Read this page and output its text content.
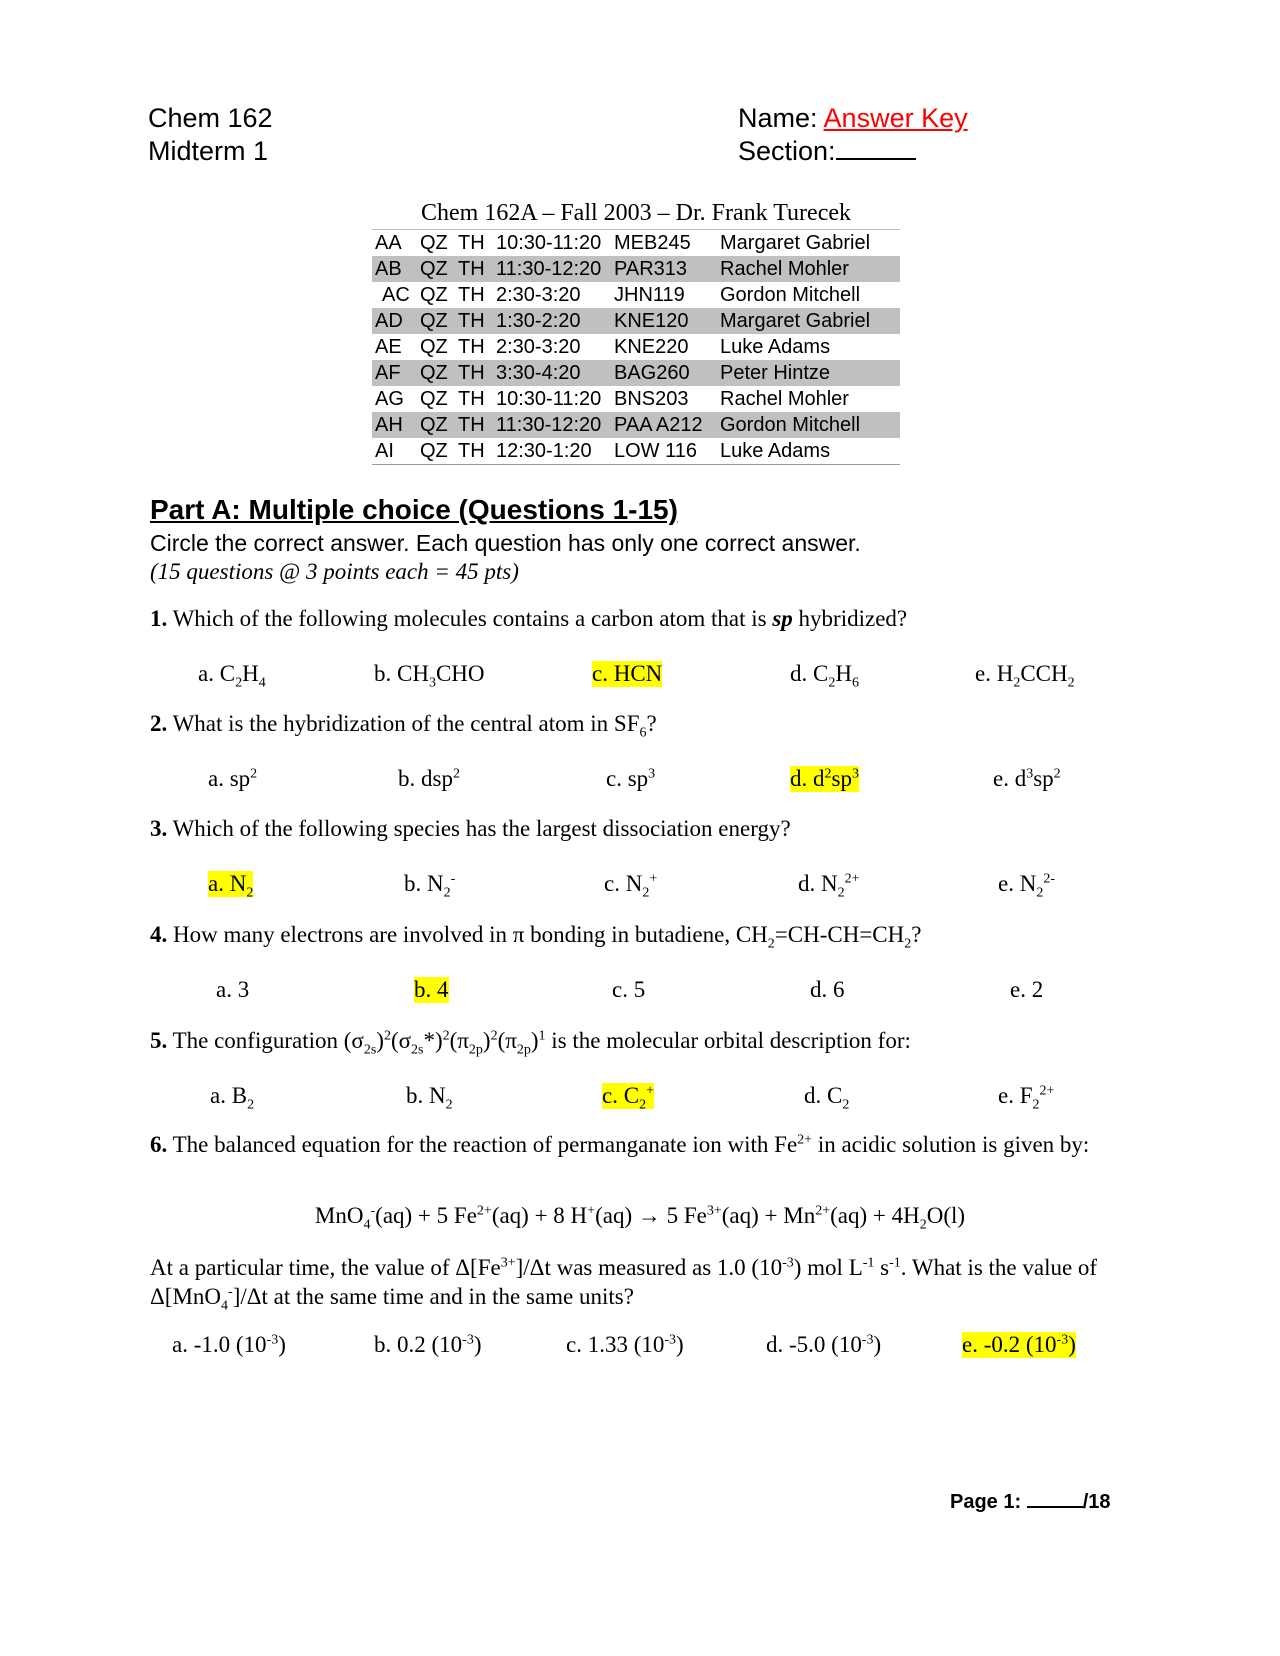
Chem 162
Midterm 1
Name: Answer Key
Section:
Chem 162A – Fall 2003 – Dr. Frank Turecek
AA QZ TH 10:30-11:20 MEB245 Margaret Gabriel
AB QZ TH 11:30-12:20 PAR313 Rachel Mohler
AC QZ TH 2:30-3:20 JHN119 Gordon Mitchell
AD QZ TH 1:30-2:20 KNE120 Margaret Gabriel
AE QZ TH 2:30-3:20 KNE220 Luke Adams
AF QZ TH 3:30-4:20 BAG260 Peter Hintze
AG QZ TH 10:30-11:20 BNS203 Rachel Mohler
AH QZ TH 11:30-12:20 PAA A212 Gordon Mitchell
AI QZ TH 12:30-1:20 LOW 116 Luke Adams
Part A: Multiple choice (Questions 1-15)
Circle the correct answer. Each question has only one correct answer.
(15 questions @ 3 points each = 45 pts)
1. Which of the following molecules contains a carbon atom that is sp hybridized?
a. $C_2H_4$	b. $CH_3CHO$	c. HCN	d. $C_2H_6$	e. $H_2CCH_2$
2. What is the hybridization of the central atom in $SF_6$?
a. $sp^2$	b. dsp$^2$	c. $sp^3$	d. $d^2sp^3$	e. $d^3sp^2$
3. Which of the following species has the largest dissociation energy?
a. $N_2$	b. $N_2^-$	c. $N_2^+$	d. $N_2^{2+}$	e. $N_2^{2-}$
4. How many electrons are involved in π bonding in butadiene, $CH_2=CH-CH=CH_2$?
a. 3	b. 4	c. 5	d. 6	e. 2
5. The configuration $(\sigma_{2s})^2(\sigma_{2s}*)^2(\pi_{2p})^2(\pi_{2p})^1$ is the molecular orbital description for:
a. $B_2$	b. $N_2$	c. $C_2^+$	d. $C_2$	e. $F_2^{2+}$
6. The balanced equation for the reaction of permanganate ion with $Fe^{2+}$ in acidic solution is given by:
MnO$_4$-(aq) + 5 $Fe^{2+}(aq) + 8$ H+(aq) → 5 $Fe^{3+}(aq) + Mn^{2+}(aq) + 4H_2O(l)$
At a particular time, the value of $\Delta[Fe^{3+}]/\Delta t$ was measured as 1.0 $(10^{-3})$ mol $L^{-1}$ $s^{-1}$. What is the value of Δ[MnO$_4$-]/Δt at the same time and in the same units?
a. -1.0 $(10^{-3})$	b. 0.2 $(10^{-3})$	c. 1.33 $(10^{-3})$	d. -5.0 $(10^{-3})$	e. -0.2 $(10^{-3})$
Page 1:	/18
